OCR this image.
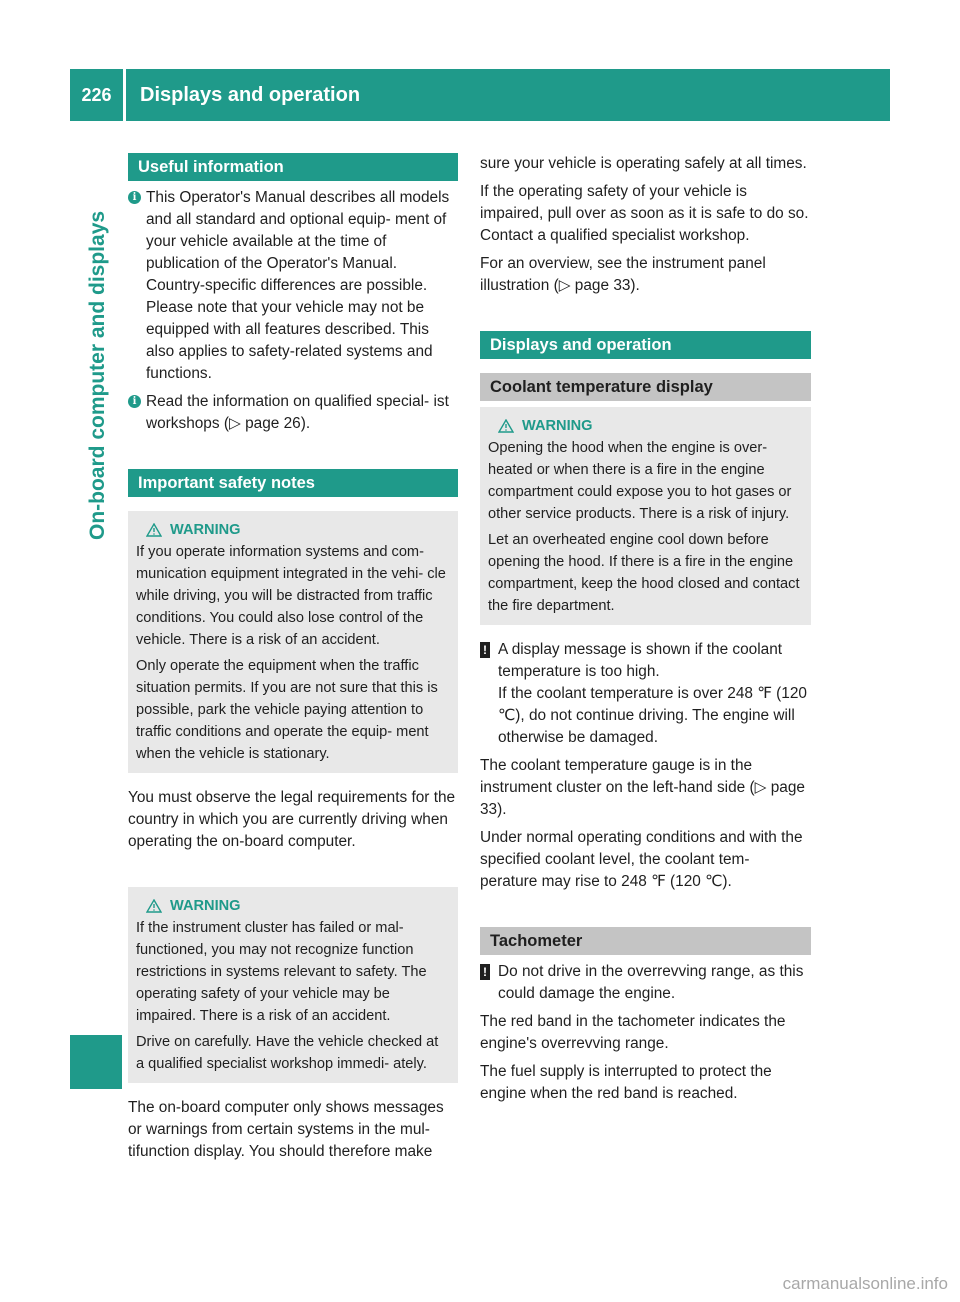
226	Displays and operation
On-board computer and displays
Useful information
i This Operator's Manual describes all models and all standard and optional equip- ment of your vehicle available at the time of publication of the Operator's Manual. Country-specific differences are possible. Please note that your vehicle may not be equipped with all features described. This also applies to safety-related systems and functions.

i Read the information on qualified special- ist workshops (▷ page 26).

Important safety notes
WARNING

If you operate information systems and com- munication equipment integrated in the vehi- cle while driving, you will be distracted from traffic conditions. You could also lose control of the vehicle. There is a risk of an accident.

Only operate the equipment when the traffic situation permits. If you are not sure that this is possible, park the vehicle paying attention to traffic conditions and operate the equip- ment when the vehicle is stationary.

You must observe the legal requirements for the country in which you are currently driving when operating the on-board computer.

WARNING

If the instrument cluster has failed or mal- functioned, you may not recognize function restrictions in systems relevant to safety. The operating safety of your vehicle may be impaired. There is a risk of an accident.

Drive on carefully. Have the vehicle checked at a qualified specialist workshop immedi- ately.

The on-board computer only shows messages or warnings from certain systems in the mul- tifunction display. You should therefore make

sure your vehicle is operating safely at all times.

If the operating safety of your vehicle is impaired, pull over as soon as it is safe to do so. Contact a qualified specialist workshop.

For an overview, see the instrument panel illustration (▷ page 33).

Displays and operation
Coolant temperature display
WARNING

Opening the hood when the engine is over- heated or when there is a fire in the engine compartment could expose you to hot gases or other service products. There is a risk of injury.

Let an overheated engine cool down before opening the hood. If there is a fire in the engine compartment, keep the hood closed and contact the fire department.

! A display message is shown if the coolant temperature is too high.

If the coolant temperature is over 248 ℉ (120 ℃), do not continue driving. The engine will otherwise be damaged.

The coolant temperature gauge is in the instrument cluster on the left-hand side (▷ page 33).

Under normal operating conditions and with the specified coolant level, the coolant tem- perature may rise to 248 ℉ (120 ℃).

Tachometer
! Do not drive in the overrevving range, as this could damage the engine.

The red band in the tachometer indicates the engine's overrevving range.

The fuel supply is interrupted to protect the engine when the red band is reached.

carmanualsonline.info
